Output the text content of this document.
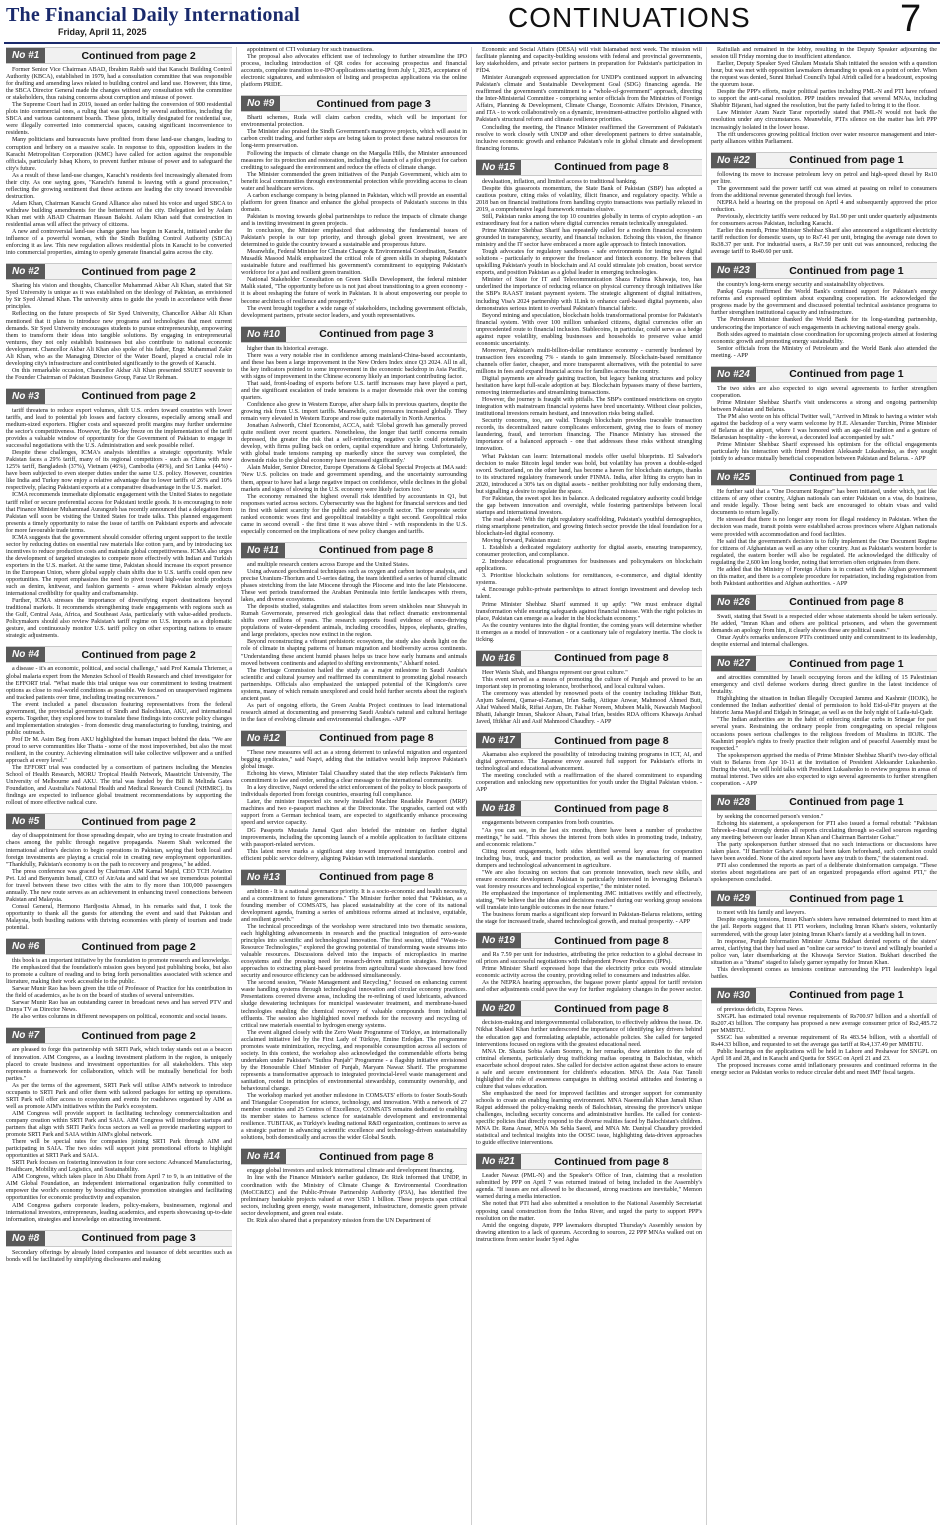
The Financial Daily International
Friday, April 11, 2025	CONTINUATIONS	7
No #1	Continued from page 2

Former Senior Vice Chairman ABAD, Ibrahim Rabib said that Karachi Building Control Authority (KBCA), established in 1979, had a consultation committee that was responsible for drafting and amending laws related to building control and land use. However, this time, the SBCA Director General made the changes without any consultation with the committee or stakeholders, thus raising concerns about corruption and misuse of power.

The Supreme Court had in 2019, issued an order halting the conversion of 900 residential plots into commercial ones, a ruling that was ignored by several authorities, including the SBCA and various cantonment boards. These plots, initially designated for residential use, were illegally converted into commercial spaces, causing significant inconvenience to residents.

Many politicians and bureaucrats have profited from these land-use changes, leading to corruption and bribery on a massive scale. In response to this, opposition leaders in the Karachi Metropolitan Corporation (KMC) have called for action against the responsible officials, particularly Ishaq Khoro, to prevent further misuse of power and to safeguard the city's future.

As a result of these land-use changes, Karachi's residents feel increasingly alienated from their city. As one saying goes, "Karachi's funeral is leaving with a grand procession," reflecting the growing sentiment that these actions are leading the city toward irreversible destruction.

Adam Khan, Chairman Karachi Grand Alliance also raised his voice and urged SBCA to withdraw building amendments for the betterment of the city. Delegation led by Aslam Khan met with ABAD Chairman Hassan Bakshi. Aslam Khan said that construction in residential areas will affect the privacy of citizens.

A new and controversial land-use change game has begun in Karachi, initiated under the influence of a powerful woman, with the Sindh Building Control Authority (SBCA) enforcing it as law. This new regulation allows residential plots in Karachi to be converted into commercial properties, aiming to openly generate financial gains across the city.

No #2	Continued from page 2

Sharing his vision and thoughts, Chancellor Muhammad Akbar Ali Khan, stated that Sir Syed University is unique as it was established on the ideology of Pakistan, as envisioned by Sir Syed Ahmad Khan. The university aims to guide the youth in accordance with these principles.

Reflecting on the future prospects of Sir Syed University, Chancellor Akbar Ali Khan mentioned that it plans to introduce new programs and technologies that meet current demands. Sir Syed University encourages students to pursue entrepreneurship, empowering them to transform their ideas into tangible solutions. By engaging in entrepreneurial ventures, they not only establish businesses but also contribute to national economic development. Chancellor Akbar Ali Khan also spoke of his father, Engr. Muhammad Zakir Ali Khan, who as the Managing Director of the Water Board, played a crucial role in developing city's infrastructure and contributed significantly to the growth of Karachi.

On this remarkable occasion, Chancellor Akbar Ali Khan presented SSUET souvenir to the Founder Chairman of Pakistan Business Group, Faraz Ur Rehman.

No #3	Continued from page 2

tariff threatens to reduce export volumes, shift U.S. orders toward countries with lower tariffs, and lead to potential job losses and factory closures, especially among small and medium-sized exporters. Higher costs and squeezed profit margins may further undermine the sector's competitiveness. However, the 90-day freeze on the implementation of the tariff provides a valuable window of opportunity for the Government of Pakistan to engage in successful negotiations with the U.S. Administration and seek possible relief.

Despite these challenges, ICMA's analysis identifies a strategic opportunity. While Pakistan faces a 29% tariff, many of its regional competitors - such as China with now 125% tariff, Bangladesh (37%), Vietnam (46%), Cambodia (49%), and Sri Lanka (44%) - have been subjected to even steeper duties under the same U.S. policy. However, countries like India and Turkey now enjoy a relative advantage due to lower tariffs of 26% and 10% respectively, placing Pakistani exports at a comparative disadvantage in the U.S. market.

ICMA recommends immediate diplomatic engagement with the United States to negotiate tariff relief or secure preferential access for Pakistani textile goods. It is encouraging to note that Finance Minister Muhammad Aurangzeb has recently announced that a delegation from Pakistan will soon be visiting the United States for trade talks. This planned engagement presents a timely opportunity to raise the issue of tariffs on Pakistani exports and advocate for more favourable trade terms.

ICMA suggests that the government should consider offering urgent support to the textile sector by reducing duties on essential raw materials like cotton yarn, and by introducing tax incentives to reduce production costs and maintain global competitiveness. ICMA also urges the development of targeted strategies to compete more effectively with Indian and Turkish exporters in the U.S. market. At the same time, Pakistan should increase its export presence in the European Union, where global supply chain shifts due to U.S. tariffs could open new opportunities. The report emphasizes the need to pivot toward high-value textile products such as denim, knitwear, and fashion garments - areas where Pakistan already enjoys international credibility for quality and craftsmanship.

Further, ICMA stresses the importance of diversifying export destinations beyond traditional markets. It recommends strengthening trade engagements with regions such as the Gulf, Central Asia, Africa, and Southeast Asia, particularly with value-added products. Policymakers should also review Pakistan's tariff regime on U.S. imports as a diplomatic gesture, and continuously monitor U.S. tariff policy on other exporting nations to ensure strategic adjustments.

No #4	Continued from page 2

a disease - it's an economic, political, and social challenge," said Prof Kamala Thriemer, a global malaria expert from the Menzies School of Health Research and chief investigator for the EFFORT trial. "What made this trial unique was our commitment to testing treatment options as close to real-world conditions as possible. We focused on unsupervised regimens and tracked patients over time, including treating recurrences."

The event included a panel discussion featuring representatives from the federal government, the provincial government of Sindh and Balochistan, AKU, and international experts. Together, they explored how to translate these findings into concrete policy changes and implementation strategies - from domestic drug manufacturing to funding, training, and public outreach.

Prof Dr M. Asim Beg from AKU highlighted the human impact behind the data. "We are proud to serve communities like Thatta - some of the most impoverished, but also the most resilient, in the country. Achieving elimination will take collective willpower and a unified approach at every level."

The EFFORT trial was conducted by a consortium of partners including the Menzies School of Health Research, MORU Tropical Health Network, Maastricht University, The University of Melbourne and AKU. The trial was funded by the Bill & Melinda Gates Foundation, and Australia's National Health and Medical Research Council (NHMRC). Its findings are expected to influence global treatment recommendations by supporting the rollout of more effective radical cure.

No #5	Continued from page 2

day of disappointment for those spreading despair, who are trying to create frustration and chaos among the public through negative propaganda. Naeem Shah welcomed the international airline's decision to begin operations in Pakistan, saying that both local and foreign investments are playing a crucial role in creating new employment opportunities. "Thankfully, Pakistan's economy is on the path to recovery and progress," he added.

The press conference was graced by Chairman AIM Kamal Majid, CEO TCH Aviation Pvt. Ltd and Benyamin Ismail, CEO of AirAsia and said that we see tremendous potential for travel between these two cities with the aim to fly more than 100,000 passengers annually. The new route serves as an achievement in enhancing travel connections between Pakistan and Malaysia.

Consul General, Hermono Hardjosita Ahmad, in his remarks said that, I took the opportunity to thank all the guests for attending the event and said that Pakistan and Malaysia, both bustling nations with thriving economies with plenty of tourism and trade potential.

No #6	Continued from page 2

this book is an important initiative by the foundation to promote research and knowledge.

He emphasized that the foundation's mission goes beyond just publishing books, but also to promote a culture of reading and to bring forth personalities associated with science and literature, making their work accessible to the public.

Sarwar Munir Rao has been given the title of Professor of Practice for his contribution in the field of academics, as he is on the board of studies of several universities.

Sarwar Munir Rao has an outstanding career in broadcast news and has served PTV and Dunya TV as Director News.

He also writes columns in different newspapers on political, economic and social issues.

No #7	Continued from page 2

are pleased to forge this partnership with SRTI Park, which today stands out as a beacon of innovation. AIM Congress, as a leading investment platform in the region, is uniquely placed to create business and investment opportunities for all stakeholders. This step represents a framework for collaboration, which will be mutually beneficial for both parties."

As per the terms of the agreement, SRTI Park will utilise AIM's network to introduce occupants to SRTI Park and offer them with tailored packages for setting up operations. SRTI Park will offer access to ecosystem and events for roadshows organised by AIM as well as promote AIM's initiatives within the Park's ecosystem.

AIM Congress will provide support in facilitating technology commercialization and company creation within SRTI Park and SAIA. AIM Congress will introduce startups and partners that align with SRTI Park's focus sectors as well as provide marketing support to promote SRTI Park and SAIA within AIM's global network.

There will be special rates for companies joining SRTI Park through AIM and participating in SAIA. The two sides will support joint promotional efforts to highlight opportunities at SRTI Park and SAIA.

SRTI Park focuses on fostering innovation in four core sectors: Advanced Manufacturing, Healthcare, Mobility and Logistics, and Sustainability.

AIM Congress, which takes place in Abu Dhabi from April 7 to 9, is an initiative of the AIM Global Foundation, an independent international organization fully committed to empower the world's economy by boosting effective promotion strategies and facilitating opportunities for economic productivity and expansion.

AIM Congress gathers corporate leaders, policy-makers, businessmen, regional and international investors, entrepreneurs, leading academics, and experts showcasing up-to-date information, strategies and knowledge on attracting investment.

No #8	Continued from page 3

Secondary offerings by already listed companies and issuance of debt securities such as bonds will be facilitated by simplifying disclosures and making

appointment of CTI voluntary for such transactions.

The proposal also advocates efficient use of technology to further streamline the IPO process, including introduction of QR codes for accessing prospectus and financial accounts, complete transition to e-IPO applications starting from July 1, 2025, acceptance of electronic signatures, and submission of listing and prospectus applications via the online platform PRIDE.

No #9	Continued from page 3

Bharti schemes, Ruda will claim carbon credits, which will be important for environmental protection.

The Minister also praised the Sindh Government's mangrove projects, which will assist in carbon credit trading, and further steps are being taken to protect these natural resources for long-term preservation.

Following the impacts of climate change on the Margalla Hills, the Minister announced measures for its protection and restoration, including the launch of a pilot project for carbon crediting to safeguard the environment and reduce the effects of climate change.

The Minister commended the green initiatives of the Punjab Government, which aim to benefit local communities through environmental protection while providing access to clean water and healthcare services.

A carbon exchange company is being planned in Pakistan, which will provide an essential platform for green finance and enhance the global prospects of Pakistan's success in this domain.

Pakistan is moving towards global partnerships to reduce the impacts of climate change and is inviting investment in green projects.

In conclusion, the Minister emphasized that addressing the fundamental issues of Pakistan's people is our top priority, and through global green investment, we are determined to guide the country toward a sustainable and prosperous future.

Meanwhile, Federal Minister for Climate Change & Environmental Coordination, Senator Musadik Masood Malik emphasized the critical role of green skills in shaping Pakistan's sustainable future and reaffirmed his government's commitment to equipping Pakistan's workforce for a just and resilient green transition.

National Stakeholder Consultation on Green Skills Development, the federal minister Malik stated, "The opportunity before us is not just about transitioning to a green economy - it is about reshaping the future of work in Pakistan. It is about empowering our people to become architects of resilience and prosperity."

The event brought together a wide range of stakeholders, including government officials, development partners, private sector leaders, and youth representatives.

No #10	Continued from page 3

higher than its historical average.

There was a very notable rise in confidence among mainland-China-based accountants, and these has been a large improvement in the New Orders Index since Q3 2024. All in all, the key indicators pointed to some improvement in the economic backdrop in Asia Pacific, with signs of improvement in the Chinese economy likely an important contributing factor.

That said, front-loading of exports before U.S. tariff increases may have played a part, and the significant escalation of trade tensions is a major downside risk over the coming quarters.

Confidence also grew in Western Europe, after sharp falls in previous quarters, despite the growing risk from U.S. import tariffs. Meanwhile, cost pressures increased globally. They remain very elevated in Western Europe and rose quite materially in North America.

Jonathan Ashworth, Chief Economist, ACCA, said: 'Global growth has generally proved quite resilient over recent quarters. Nonetheless, the longer that tariff concerns remain depressed, the greater the risk that a self-reinforcing negative cycle could potentially develop, with firms pulling back on orders, capital expenditure and hiring. Unfortunately, with global trade tensions ramping up markedly since the survey was completed, the downside risks to the global economy have increased significantly.'

Alain Mulder, Senior Director, Europe Operations & Global Special Projects at IMA said: 'New U.S. policies on trade and government spending, and the uncertainty surrounding them, appear to have had a large negative impact on confidence, while declines in the global markets and signs of slowing in the U.S. economy were likely factors too.'

The economy remained the highest overall risk identified by accountants in Q1, but responses varied across sectors. Cybersecurity was the highest for financial services and tied in first with talent scarcity for the public and not-for-profit sector. The corporate sector ranked economic woes first and geopolitical instability a tight second. Geopolitical risks came in second overall - the first time it was above third - with respondents in the U.S. especially concerned on the implications of new policy changes and tariffs.

No #11	Continued from page 8

and multiple research centers across Europe and the United States.

Using advanced geochemical techniques such as oxygen and carbon isotope analysis, and precise Uranium-Thorium and U-series dating, the team identified a series of humid climatic phases stretching from the late Miocene through the Pliocene and into the late Pleistocene. These wet periods transformed the Arabian Peninsula into fertile landscapes with rivers, lakes, and diverse ecosystems.

The deposits studied, stalagmites and stalactites from seven sinkholes near Shuwyah in Rumah Governorate, preserved rich geological data that reflect dramatic environmental shifts over millions of years. The research supports fossil evidence of once-thriving populations of water-dependent animals, including crocodiles, hippos, elephants, giraffes, and large predators, species now extinct in the region.

Beyond reconstructing a vibrant prehistoric ecosystem, the study also sheds light on the role of climate in shaping patterns of human migration and biodiversity across continents. "Understanding these ancient humid phases helps us trace how early humans and animals moved between continents and adapted to shifting environments," Alsharif noted.

The Heritage Commission hailed the study as a major milestone in Saudi Arabia's scientific and cultural journey and reaffirmed its commitment to promoting global research partnerships. Officials also emphasized the untapped potential of the Kingdom's cave systems, many of which remain unexplored and could hold further secrets about the region's ancient past.

As part of ongoing efforts, the Green Arabia Project continues to lead international research aimed at documenting and preserving Saudi Arabia's natural and cultural heritage in the face of evolving climate and environmental challenges. -APP

No #12	Continued from page 8

"These new measures will act as a strong deterrent to unlawful migration and organized begging syndicates," said Naqvi, adding that the initiative would help improve Pakistan's global image.

Echoing his views, Minister Talal Chaudhry stated that the step reflects Pakistan's firm commitment to law and order, sending a clear message to the international community.

In a key directive, Naqvi ordered the strict enforcement of the policy to block passports of individuals deported from foreign countries, ensuring full compliance.

Later, the minister inspected six newly installed Machine Readable Passport (MRP) machines and two e-passport machines at the Directorate. The upgrades, carried out with support from a German technical team, are expected to significantly enhance processing speed and service capacity.

DG Passports Mustafa Jamal Qazi also briefed the minister on further digital improvements, including the upcoming launch of a mobile application to facilitate citizens with passport-related services.

This latest move marks a significant step toward improved immigration control and efficient public service delivery, aligning Pakistan with international standards.

No #13	Continued from page 8

ambition - It is a national governance priority. It is a socio-economic and health necessity, and a commitment to future generations." The Minister further noted that "Pakistan, as a founding member of COMSATS, has placed sustainability at the core of its national development agenda, framing a series of ambitious reforms aimed at inclusive, equitable, and resilient growth."

The technical proceedings of the workshop were structured into two thematic sessions, each highlighting advancements in research and the practical integration of zero-waste principles into scientific and technological innovation. The first session, titled "Waste-to-Resource Technologies," explored the growing potential of transforming waste streams into valuable resources. Discussions delved into the impacts of microplastics in marine ecosystems and the pressing need for research-driven mitigation strategies. Innovative approaches to extracting plant-based proteins from agricultural waste showcased how food security and resource efficiency can be addressed simultaneously.

The second session, "Waste Management and Recycling," focused on enhancing current waste handling systems through technological innovation and circular economy practices. Presentations covered diverse areas, including the re-refining of used lubricants, advanced sludge dewatering techniques for municipal wastewater treatment, and membrane-based technologies enabling the chemical recovery of valuable compounds from industrial effluents. The session also highlighted novel methods for the recovery and recycling of critical raw materials essential to hydrogen energy systems.

The event aligned closely with the Zero Waste Programme of Türkiye, an internationally acclaimed initiative led by the First Lady of Türkiye, Emine Erdoğan. The programme promotes waste minimization, recycling, and responsible consumption across all sectors of society. In this context, the workshop also acknowledged the commendable efforts being undertaken under Pakistan's "Suthra Punjab" Programme - a flagship initiative envisioned by the Honourable Chief Minister of Punjab, Maryam Nawaz Sharif. The programme represents a transformative approach to integrated provincial-level waste management and sanitation, rooted in principles of environmental stewardship, community ownership, and behavioural change.

The workshop marked yet another milestone in COMSATS' efforts to foster South-South and Triangular Cooperation for science, technology, and innovation. With a network of 27 member countries and 25 Centres of Excellence, COMSATS remains dedicated to enabling its member states to harness science for sustainable development and environmental resilience. TUBITAK, as Türkiye's leading national R&D organization, continues to serve as a strategic partner in advancing scientific excellence and technology-driven sustainability solutions, both domestically and across the wider Global South.

No #14	Continued from page 8

engage global investors and unlock international climate and development financing.

In line with the Finance Minister's earlier guidance, Dr. Rizk informed that UNDP, in coordination with the Ministry of Climate Change & Environmental Coordination (MoCC&EC) and the Public-Private Partnership Authority (P3A), has identified five preliminary bankable projects valued at over USD 1 billion. These projects span critical sectors, including green energy, waste management, infrastructure, domestic green private sector development, and green real estate.

Dr. Rizk also shared that a preparatory mission from the UN Department of

Economic and Social Affairs (DESA) will visit Islamabad next week. The mission will facilitate planning and capacity-building sessions with federal and provincial governments, key stakeholders, and private sector partners in preparation for Pakistan's participation in FfD4.

Minister Aurangzeb expressed appreciation for UNDP's continued support in advancing Pakistan's climate and Sustainable Development Goal (SDG) financing agenda. He reaffirmed the government's commitment to a "whole-of-government" approach, directing the Inter-Ministerial Committee - comprising senior officials from the Ministries of Foreign Affairs, Planning & Development, Climate Change, Economic Affairs Division, Finance, and ITA - to work collaboratively on a dynamic, investment-attractive portfolio aligned with Pakistan's structural reform and climate resilience priorities.

Concluding the meeting, the Finance Minister reaffirmed the Government of Pakistan's resolve to work closely with UNDP and other development partners to drive sustainable, inclusive economic growth and enhance Pakistan's role in global climate and development financing forums.

No #15	Continued from page 8

devaluation, inflation, and limited access to traditional banking.

Despite this grassroots momentum, the State Bank of Pakistan (SBP) has adopted a cautious posture, citing risks of volatility, illicit finance, and regulatory opacity. While a 2018 ban on financial institutions from handling crypto transactions was partially relaxed in 2019, a comprehensive legal framework remains elusive.

Still, Pakistan ranks among the top 10 countries globally in terms of crypto adoption - an extraordinary feat for a nation where digital currencies remain technically unregulated.

Prime Minister Shehbaz Sharif has repeatedly called for a modern financial ecosystem grounded in transparency, security, and financial inclusion. Echoing this vision, the finance ministry and the IT sector have embraced a more agile approach to fintech innovation.

Tough advocates for regulatory sandboxes - safe environments for testing new digital solutions - particularly to empower the freelancer and fintech economy. He believes that upskilling Pakistan's youth in blockchain and AI could stimulate job creation, boost service exports, and position Pakistan as a global leader in emerging technologies.

Minister of State for IT and Telecommunication Shaza Fatima Khawaja, too, has underlined the importance of reducing reliance on physical currency through initiatives like the SBP's RAAST instant payment system. The strategic alignment of digital initiatives, including Visa's 2024 partnership with 1Link to enhance card-based digital payments, also demonstrates serious intent to overhaul Pakistan's financial fabric.

Beyond mining and speculation, blockchain holds transformational promise for Pakistan's financial system. With over 100 million unbanked citizens, digital currencies offer an unprecedented route to financial inclusion. Stablecoins, in particular, could serve as a hedge against rupee volatility, enabling businesses and households to preserve value amid economic uncertainty.

Moreover, Pakistan's multi-billion-dollar remittance economy - currently burdened by transaction fees exceeding 7% - stands to gain immensely. Blockchain-based remittance channels offer faster, cheaper, and more transparent alternatives, with the potential to save millions in fees and expand financial access for families across the country.

Digital payments are already gaining traction, but legacy banking structures and policy hesitation have kept full-scale adoption at bay. Blockchain bypasses many of these barriers, removing intermediaries and streamlining transactions.

However, the journey is fraught with pitfalls. The SBP's continued restrictions on crypto integration with mainstream financial systems have bred uncertainty. Without clear policies, institutional investors remain hesitant, and innovation risks being stalled.

Security concerns, too, are valid. Though blockchain provides traceable transaction records, its decentralized nature complicates enforcement, giving rise to fears of money laundering, fraud, and terrorism financing. The Finance Ministry has stressed the importance of a balanced approach - one that addresses these risks without strangling innovation.

What Pakistan can learn: International models offer useful blueprints. El Salvador's decision to make Bitcoin legal tender was bold, but volatility has proven a double-edged sword. Switzerland, on the other hand, has become a haven for blockchain startups, thanks to its structured regulatory framework under FINMA. India, after lifting its crypto ban in 2020, introduced a 30% tax on digital assets - neither prohibiting nor fully endorsing them, but signalling a desire to regulate the space.

For Pakistan, the sweet spot lies in balance. A dedicated regulatory authority could bridge the gap between innovation and oversight, while fostering partnerships between local startups and international investors.

The road ahead: With the right regulatory scaffolding, Pakistan's youthful demographics, rising smartphone penetration, and growing fintech sector provide the ideal foundation for a blockchain-led digital economy.

Moving forward, Pakistan must:

1. Establish a dedicated regulatory authority for digital assets, ensuring transparency, consumer protection, and compliance.

2. Introduce educational programmes for businesses and policymakers on blockchain applications.

3. Prioritise blockchain solutions for remittances, e-commerce, and digital identity systems.

4. Encourage public-private partnerships to attract foreign investment and develop tech talent.

Prime Minister Shehbaz Sharif summed it up aptly: "We must embrace digital transformation while ensuring safeguards against financial misuse. With the right policies in place, Pakistan can emerge as a leader in the blockchain economy."

As the country ventures into the digital frontier, the coming years will determine whether it emerges as a model of innovation - or a cautionary tale of regulatory inertia. The clock is ticking.

No #16	Continued from page 8

Heer Wanis Shah, and Bhangra represent our great culture."

This event served as a means of promoting the culture of Punjab and proved to be an important step in promoting tolerance, brotherhood, and local cultural values.

The ceremony was attended by renowned poets of the country including Iftikhar Butt, Anjum Saleemi, Qamar-ul-Zaman, Irfan Sadiq, Attique Anwar, Mahmood Ahmed Butt, Altaf Waheed Malik, Rifiat Anjum, Dr. Fakhar Noreen, Mubeen Malik, Nawazish Maqbool Bhatti, Jahangir Imran, Shakoor Ahsan, Faisal Irfan, besides RDA officers Khawaja Arshad Javed, Iftikhar Ali and Asif Mahmood Chaudhry. - APP

No #17	Continued from page 8

Akamatsu also explored the possibility of introducing training programs in ICT, AI, and digital governance. The Japanese envoy assured full support for Pakistan's efforts in technological and educational advancement.

The meeting concluded with a reaffirmation of the shared commitment to expanding cooperation and unlocking new opportunities for youth under the Digital Pakistan vision. - APP

No #18	Continued from page 8

engagements between companies from both countries.

"As you can see, in the last six months, there have been a number of productive meetings," he said. "This shows the interest from both sides in promoting trade, industry, and economic relations."

Citing recent engagements, both sides identified several key areas for cooperation including bus, truck, and tractor production, as well as the manufacturing of manned dumpers and technological advancement in agriculture.

"We are also focusing on sectors that can promote innovation, teach new skills, and ensure economic development. Pakistan is particularly interested in leveraging Belarus's vast forestry resources and technological expertise," the minister noted.

He emphasized the importance of implementing JMC initiatives swiftly and effectively, stating, "We believe that the ideas and decisions reached during our working group sessions will translate into tangible outcomes in the near future."

The business forum marks a significant step forward in Pakistan-Belarus relations, setting the stage for increased trade, shared technological growth, and mutual prosperity. - APP

No #19	Continued from page 8

and Rs 7.59 per unit for industries, attributing the price reduction to a global decrease in oil prices and successful negotiations with Independent Power Producers (IPPs).

Prime Minister Sharif expressed hope that the electricity price cuts would stimulate economic activity across the country, providing relief to consumers and industries alike.

As the NEPRA hearing approaches, the bagasse power plants' appeal for tariff revision and other adjustments could pave the way for further regulatory changes in the power sector.

No #20	Continued from page 8

decision-making and intergovernmental collaboration, to effectively address the issue. Dr. Nikhat Shakeel Khan further underscored the importance of identifying key drivers behind the education gap and formulating adaptable, actionable policies. She called for targeted interventions focused on regions with the greatest educational need.

MNA Dr. Shazia Sobia Aslam Soomro, in her remarks, drew attention to the role of criminal elements, particularly drug trafficking mafias operating in Balochistan, which exacerbate school dropout rates. She called for decisive action against these actors to ensure a safe and secure environment for children's education. MNA Dr. Asia Naz Tanoli highlighted the role of awareness campaigns in shifting societal attitudes and fostering a culture that values education.

She emphasized the need for improved facilities and stronger support for community schools to create an enabling learning environment. MNA Naeemullah Khan Jamali Khan Rajput addressed the policy-making needs of Balochistan, stressing the province's unique challenges, including security concerns and administrative hurdles. He called for context-specific policies that directly respond to the diverse realities faced by Balochistan's children. MNA Dr. Rana Ansar, MNA Ms Sehla Saeed, and MNA Mr. Daniyal Chaudhry provided statistical and technical insights into the OOSC issue, highlighting data-driven approaches to guide effective interventions.

No #21	Continued from page 8

Leader Nawaz (PML-N) and the Speaker's Office of Iran, claiming that a resolution submitted by PPP on April 7 was returned instead of being included in the Assembly's agenda. "If issues are not allowed to be discussed, strong reactions are inevitable," Memon warned during a media interaction.

She noted that PTI had also submitted a resolution to the National Assembly Secretariat opposing canal construction from the Indus River, and urged the party to support PPP's resolution on the matter.

Amid the ongoing dispute, PPP lawmakers disrupted Thursday's Assembly session by drawing attention to a lack of quorum. According to sources, 22 PPP MNAs walked out on instructions from senior leader Syed Agha

Rafiullah and remained in the lobby, resulting in the Deputy Speaker adjourning the session till Friday morning due to insufficient attendance.

Earlier, Deputy Speaker Syed Ghulam Mustafa Shah initiated the session with a question hour, but was met with opposition lawmakers demanding to speak on a point of order. When the request was denied, Sunni Ittehad Council's Iqbal Afridi called for a headcount, exposing the quorum issue.

Despite the PPP's efforts, major political parties including PML-N and PTI have refused to support the anti-canal resolution. PPP insiders revealed that several MNAs, including Shabbir Bijarani, had signed the resolution, but the party failed to bring it to the floor.

Law Minister Azam Nazir Tarar reportedly stated that PML-N would not back the resolution under any circumstances. Meanwhile, PTI's silence on the matter has left PPP increasingly isolated in the lower house.

The rift underscores growing political friction over water resource management and inter-party alliances within Parliament.

No #22	Continued from page 1

following its move to increase petroleum levy on petrol and high-speed diesel by Rs10 per litre.

The government said the power tariff cut was aimed at passing on relief to consumers from the additional revenue generated through fuel levies.

NEPRA held a hearing on the proposal on April 4 and subsequently approved the price reduction.

Previously, electricity tariffs were reduced by Rs1.90 per unit under quarterly adjustments for consumers across Pakistan, including Karachi.

Earlier this month, Prime Minister Shehbaz Sharif also announced a significant electricity tariff reduction for domestic users, up to Rs7.41 per unit, bringing the average rate down to Rs38.37 per unit. For industrial users, a Rs7.59 per unit cut was announced, reducing the average tariff to Rs40.60 per unit.

No #23	Continued from page 1

the country's long-term energy security and sustainability objectives.

Pankaj Gupta reaffirmed the World Bank's continued support for Pakistan's energy reforms and expressed optimism about expanding cooperation. He acknowledged the progress made by the government and discussed potential technical assistance programs to further strengthen institutional capacity and infrastructure.

The Petroleum Minister thanked the World Bank for its long-standing partnership, underscoring the importance of such engagements in achieving national energy goals.

Both sides agreed to maintain close coordination for upcoming projects aimed at fostering economic growth and promoting energy sustainability.

Senior officials from the Ministry of Petroleum and the World Bank also attended the meeting. - APP

No #24	Continued from page 1

The two sides are also expected to sign several agreements to further strengthen cooperation.

Prime Minister Shehbaz Sharif's visit underscores a strong and ongoing partnership between Pakistan and Belarus.

The PM also wrote on his official Twitter wall, "Arrived in Minsk to having a winter wish against the backdrop of a very warm welcome by H.E. Alexander Turchin, Prime Minister of Belarus at the airport, where I was honored with an age-old tradition and a gesture of Belarusian hospitality - the korovai, a decorated loaf accompanied by salt."

Prime Minister Shehbaz Sharif expressed his optimism for the official engagements particularly his interaction with friend President Aleksandr Lukashenko, as they sought jointly to advance mutually beneficial cooperation between Pakistan and Belarus. - APP

No #25	Continued from page 1

He further said that a "One Document Regime" has been initiated, under which, just like citizens of any other country, Afghan nationals can enter Pakistan on a visa, do business, and reside legally. Those being sent back are encouraged to obtain visas and valid documents to return legally.

He stressed that there is no longer any room for illegal residency in Pakistan. When the decision was made, transit points were established across provinces where Afghan nationals were provided with accommodation and food facilities.

He said that the government's decision is to fully implement the One Document Regime for citizens of Afghanistan as well as any other country. Just as Pakistan's western border is regulated, the eastern border will also be regulated. He acknowledged the difficulty of regulating the 2,600 km long border, noting that terrorism often originates from there.

He added that the Ministry of Foreign Affairs is in contact with the Afghan government on this matter, and there is a complete procedure for repatriation, including registration from both Pakistani authorities and Afghan authorities. - APP

No #26	Continued from page 8

Swati, stating that Swati is a respected elder whose statements should be taken seriously. He added, "Imran Khan and others are political prisoners, and when the government demands an apology from him, it clearly shows these are political cases."

Omar Ayub's remarks underscore PTI's continued unity and commitment to its leadership, despite external and internal challenges.

No #27	Continued from page 1

and atrocities committed by Israeli occupying forces and the killing of 15 Palestinian emergency and civil defense workers during direct gunfire in the latest incidence of brutality.

Highlighting the situation in Indian Illegally Occupied Jammu and Kashmir (IIOJK), he condemned the Indian authorities' denial of permission to hold Eid-ul-Fitr prayers at the historic Jama Masjid and Eidgah in Srinagar, as well as on the holy night of Laila-tul-Qadr.

"The Indian authorities are in the habit of enforcing similar curbs in Srinagar for past several years. Restraining the ordinary people from congregating on special religious occasions poses serious challenges to the religious freedom of Muslims in IIOJK. The Kashmiri people's rights to freely practice their religion and of peaceful Assembly must be respected."

The spokesperson apprised the media of Prime Minister Shehbaz Sharif's two-day official visit to Belarus from Apr 10-11 at the invitation of President Aleksander Lukashenko. During the visit, he will hold talks with President Lukashenko to review progress in areas of mutual interest. Two sides are also expected to sign several agreements to further strengthen cooperation. - APP

No #28	Continued from page 1

by seeking the concerned person's version."

Echoing his statement, a spokesperson for PTI also issued a formal rebuttal: "Pakistan Tehreek-e-Insaf strongly denies all reports circulating through so-called sources regarding any meeting between our leader Imran Khan and Chairman Barrister Gohar."

The party spokesperson further stressed that no such interactions or discussions have taken place. "If Barrister Gohar's stance had been taken beforehand, such confusion could have been avoided. None of the aired reports have any truth to them," the statement read.

PTI also condemned the reports as part of a deliberate disinformation campaign. "These stories about negotiations are part of an organized propaganda effort against PTI," the spokesperson concluded.

No #29	Continued from page 1

to meet with his family and lawyers.

Despite ongoing tensions, Imran Khan's sisters have remained determined to meet him at the jail. Reports suggest that 11 PTI workers, including Imran Khan's sisters, voluntarily surrendered, with the group later joining Imran Khan's family at a wedding hall in town.

In response, Punjab Information Minister Azma Bukhari denied reports of the sisters' arrest, clarifying that they had used an "online car service" to travel and willingly boarded a police van, later disembarking at the Khuwaja Service Station. Bukhari described the situation as a "drama" staged to falsely garner sympathy for Imran Khan.

This development comes as tensions continue surrounding the PTI leadership's legal battles.

No #30	Continued from page 1

of previous deficits, Express News.

SNGPL has estimated total revenue requirements of Rs700.97 billion and a shortfall of Rs207.43 billion. The company has proposed a new average consumer price of Rs2,485.72 per MMBTU.

SSGC has submitted a revenue requirement of Rs 483.54 billion, with a shortfall of Rs44.33 billion, and requested to set the average gas tariff at Rs4,137.49 per MMBTU.

Public hearings on the applications will be held in Lahore and Peshawar for SNGPL on April 18 and 28, and in Karachi and Quetta for SSGC on April 21 and 23.

The proposed increases come amid inflationary pressures and continued reforms in the energy sector as Pakistan works to reduce circular debt and meet IMF fiscal targets.
